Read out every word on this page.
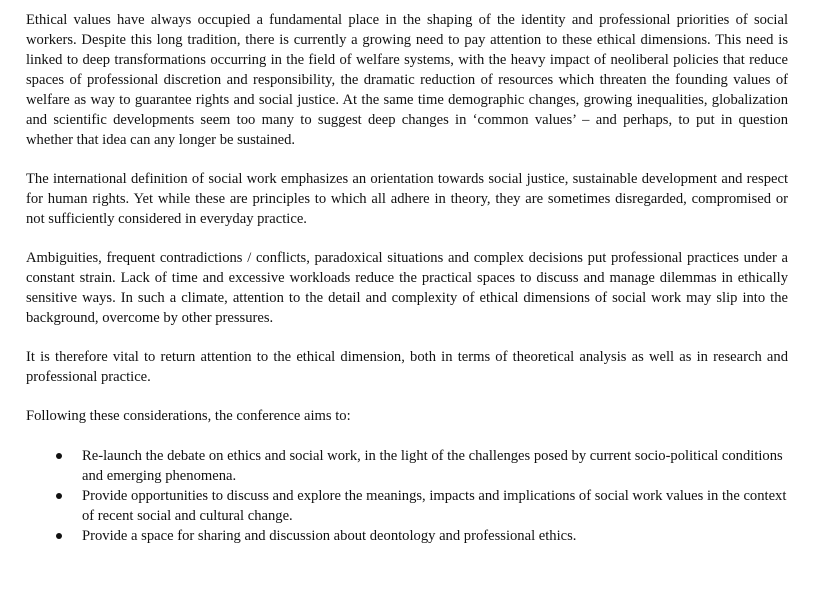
Ethical values have always occupied a fundamental place in the shaping of the identity and professional priorities of social workers. Despite this long tradition, there is currently a growing need to pay attention to these ethical dimensions. This need is linked to deep transformations occurring in the field of welfare systems, with the heavy impact of neoliberal policies that reduce spaces of professional discretion and responsibility, the dramatic reduction of resources which threaten the founding values of welfare as way to guarantee rights and social justice. At the same time demographic changes, growing inequalities, globalization and scientific developments seem too many to suggest deep changes in ‘common values’ – and perhaps, to put in question whether that idea can any longer be sustained.

The international definition of social work emphasizes an orientation towards social justice, sustainable development and respect for human rights. Yet while these are principles to which all adhere in theory, they are sometimes disregarded, compromised or not sufficiently considered in everyday practice.

Ambiguities, frequent contradictions / conflicts, paradoxical situations and complex decisions put professional practices under a constant strain. Lack of time and excessive workloads reduce the practical spaces to discuss and manage dilemmas in ethically sensitive ways. In such a climate, attention to the detail and complexity of ethical dimensions of social work may slip into the background, overcome by other pressures.

It is therefore vital to return attention to the ethical dimension, both in terms of theoretical analysis as well as in research and professional practice.

Following these considerations, the conference aims to:

Re-launch the debate on ethics and social work, in the light of the challenges posed by current socio-political conditions and emerging phenomena.
Provide opportunities to discuss and explore the meanings, impacts and implications of social work values in the context of recent social and cultural change.
Provide a space for sharing and discussion about deontology and professional ethics.
